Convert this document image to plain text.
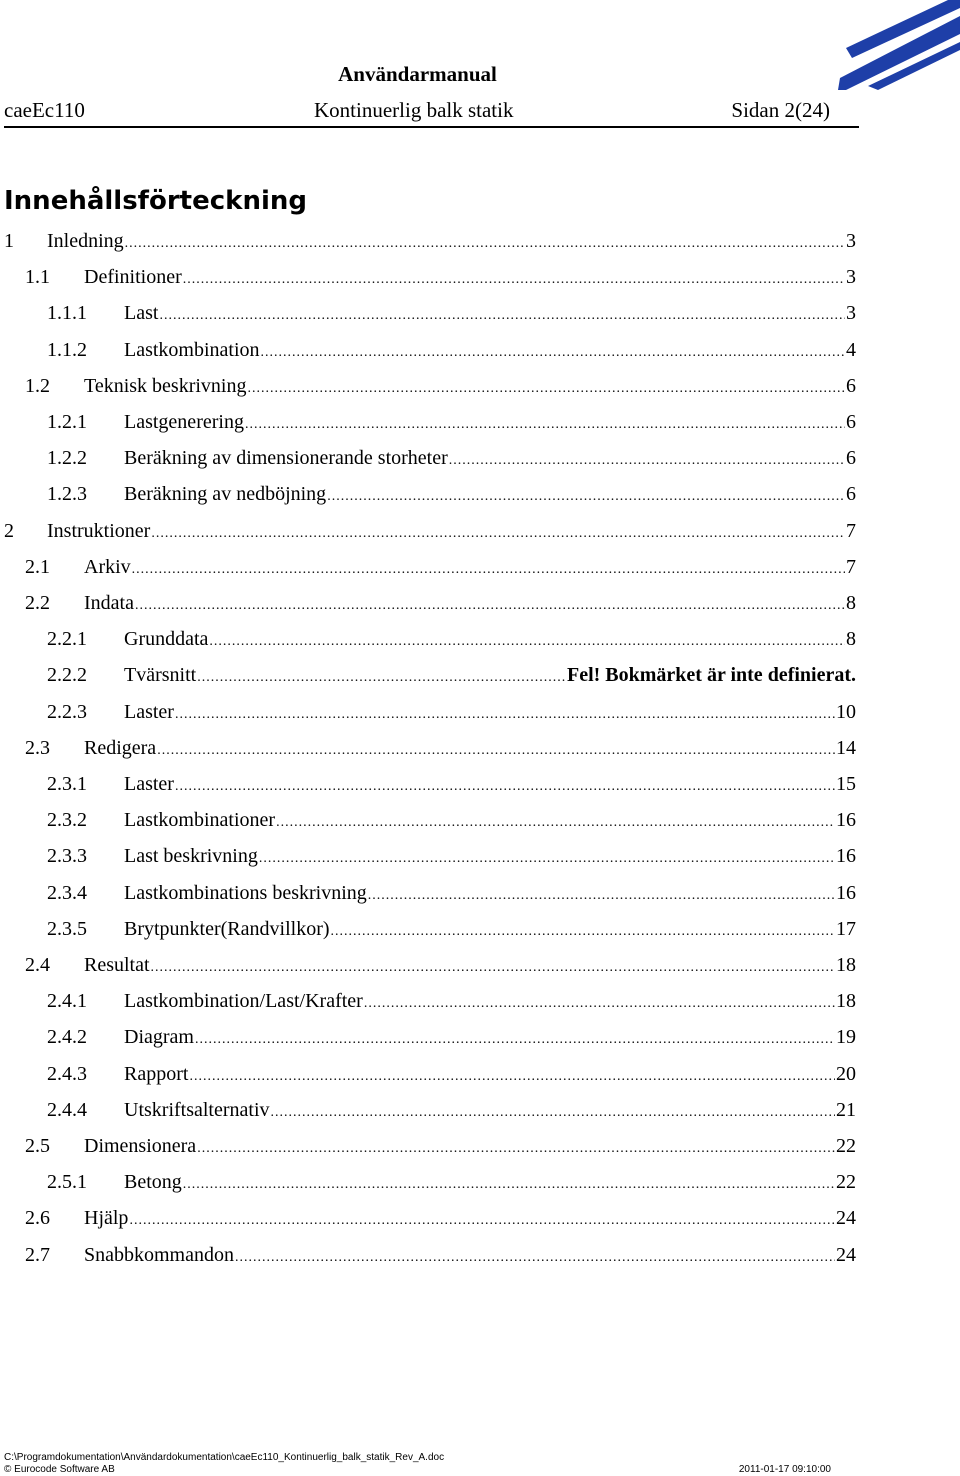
Användarmanual
caeEc110	Kontinuerlig balk statik	Sidan 2(24)
Innehållsförteckning
1	Inledning .....	3
1.1	Definitioner .....	3
1.1.1	Last .....	3
1.1.2	Lastkombination .....	4
1.2	Teknisk beskrivning .....	6
1.2.1	Lastgenerering .....	6
1.2.2	Beräkning av dimensionerande storheter .....	6
1.2.3	Beräkning av nedböjning .....	6
2	Instruktioner .....	7
2.1	Arkiv .....	7
2.2	Indata .....	8
2.2.1	Grunddata .....	8
2.2.2	Tvärsnitt .....	Fel! Bokmärket är inte definierat.
2.2.3	Laster .....	10
2.3	Redigera .....	14
2.3.1	Laster .....	15
2.3.2	Lastkombinationer .....	16
2.3.3	Last beskrivning .....	16
2.3.4	Lastkombinations beskrivning .....	16
2.3.5	Brytpunkter(Randvillkor) .....	17
2.4	Resultat .....	18
2.4.1	Lastkombination/Last/Krafter .....	18
2.4.2	Diagram .....	19
2.4.3	Rapport .....	20
2.4.4	Utskriftsalternativ .....	21
2.5	Dimensionera .....	22
2.5.1	Betong .....	22
2.6	Hjälp .....	24
2.7	Snabbkommandon .....	24
C:\Programdokumentation\Användardokumentation\caeEc110_Kontinuerlig_balk_statik_Rev_A.doc
© Eurocode Software AB	2011-01-17 09:10:00
